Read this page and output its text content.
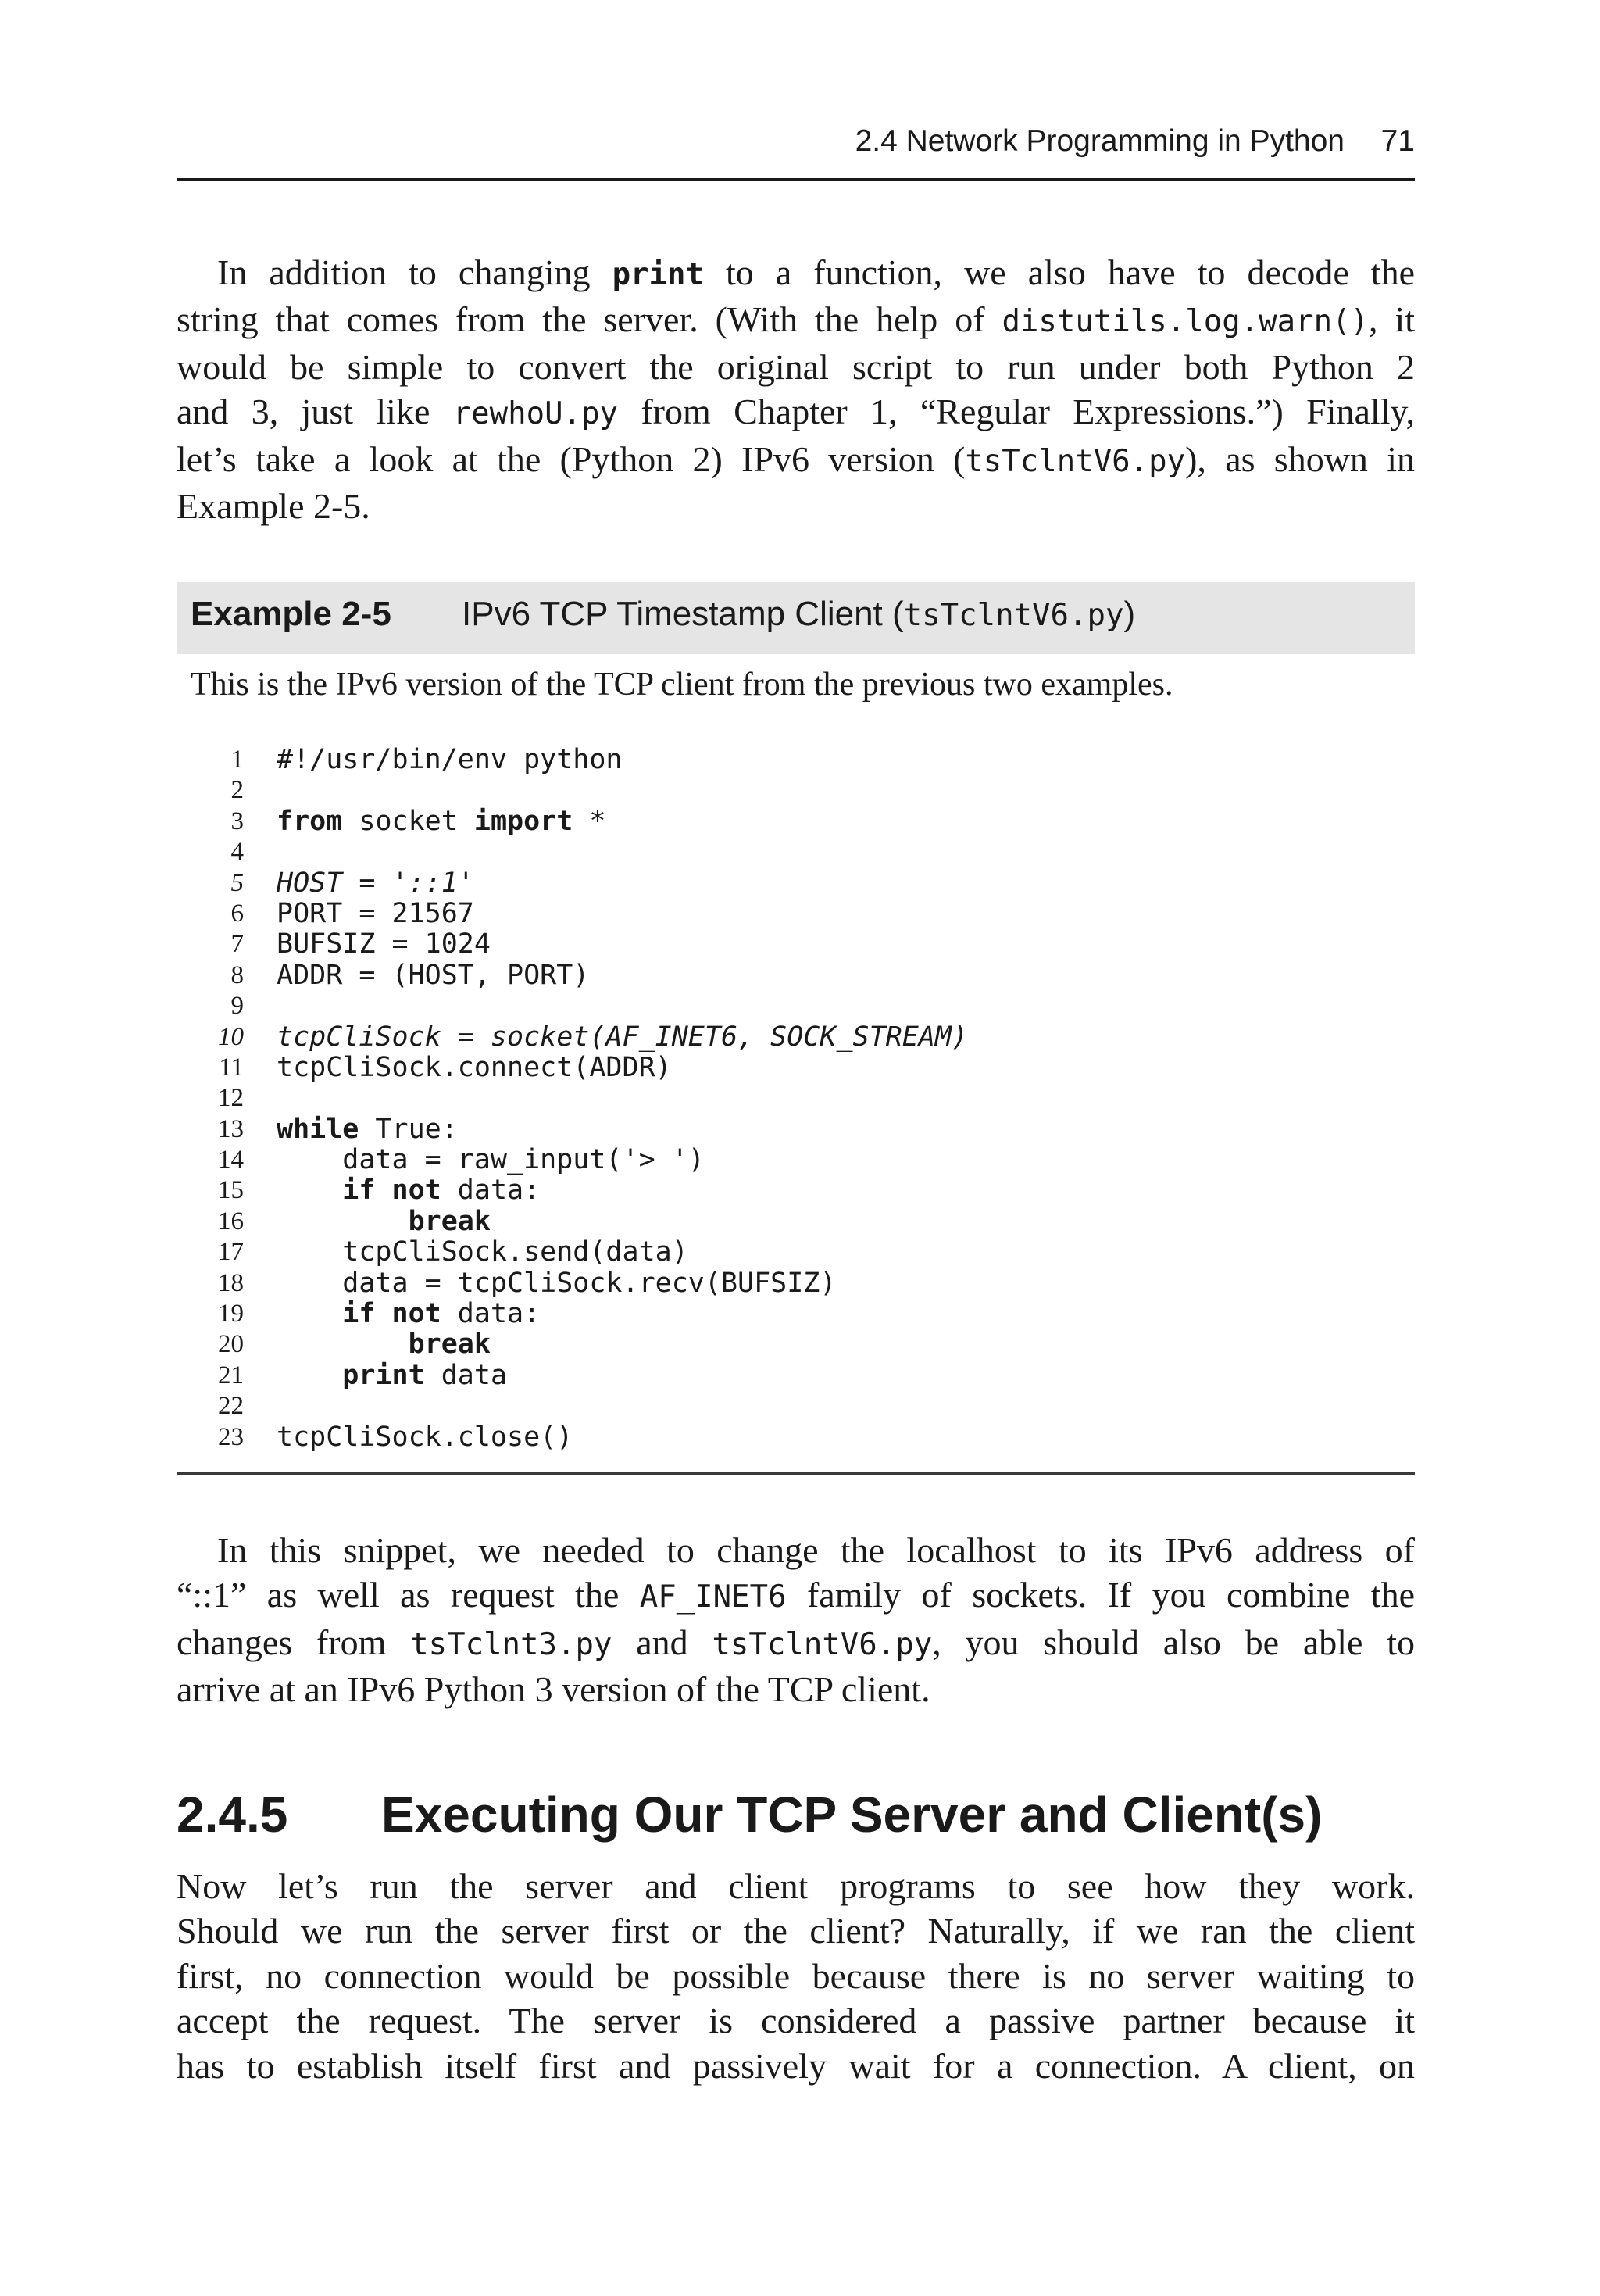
2.4 Network Programming in Python 71
In addition to changing print to a function, we also have to decode the
string that comes from the server. (With the help of distutils.log.warn(), it
would be simple to convert the original script to run under both Python 2
and 3, just like rewhoU.py from Chapter 1, “Regular Expressions.”) Finally,
let’s take a look at the (Python 2) IPv6 version (tsTclntV6.py), as shown in
Example 2-5.
Example 2-5 IPv6 TCP Timestamp Client (tsTclntV6.py)
This is the IPv6 version of the TCP client from the previous two examples.
1 #!/usr/bin/env python
2
3 from socket import *
4
5 HOST = '::1'
6 PORT = 21567
7 BUFSIZ = 1024
8 ADDR = (HOST, PORT)
9
10 tcpCliSock = socket(AF_INET6, SOCK_STREAM)
11 tcpCliSock.connect(ADDR)
12
13 while True:
14 data = raw_input('> ')
15	if not data:
16	break
17 tcpCliSock.send(data)
18 data = tcpCliSock.recv(BUFSIZ)
19	if not data:
20	break
21	print data
22
23 tcpCliSock.close()
In this snippet, we needed to change the localhost to its IPv6 address of
“::1” as well as request the AF_INET6 family of sockets. If you combine the
changes from tsTclnt3.py and tsTclntV6.py, you should also be able to
arrive at an IPv6 Python 3 version of the TCP client.
2.4.5 Executing Our TCP Server and Client(s)
Now let’s run the server and client programs to see how they work.
Should we run the server first or the client? Naturally, if we ran the client
first, no connection would be possible because there is no server waiting to
accept the request. The server is considered a passive partner because it
has to establish itself first and passively wait for a connection. A client, on
